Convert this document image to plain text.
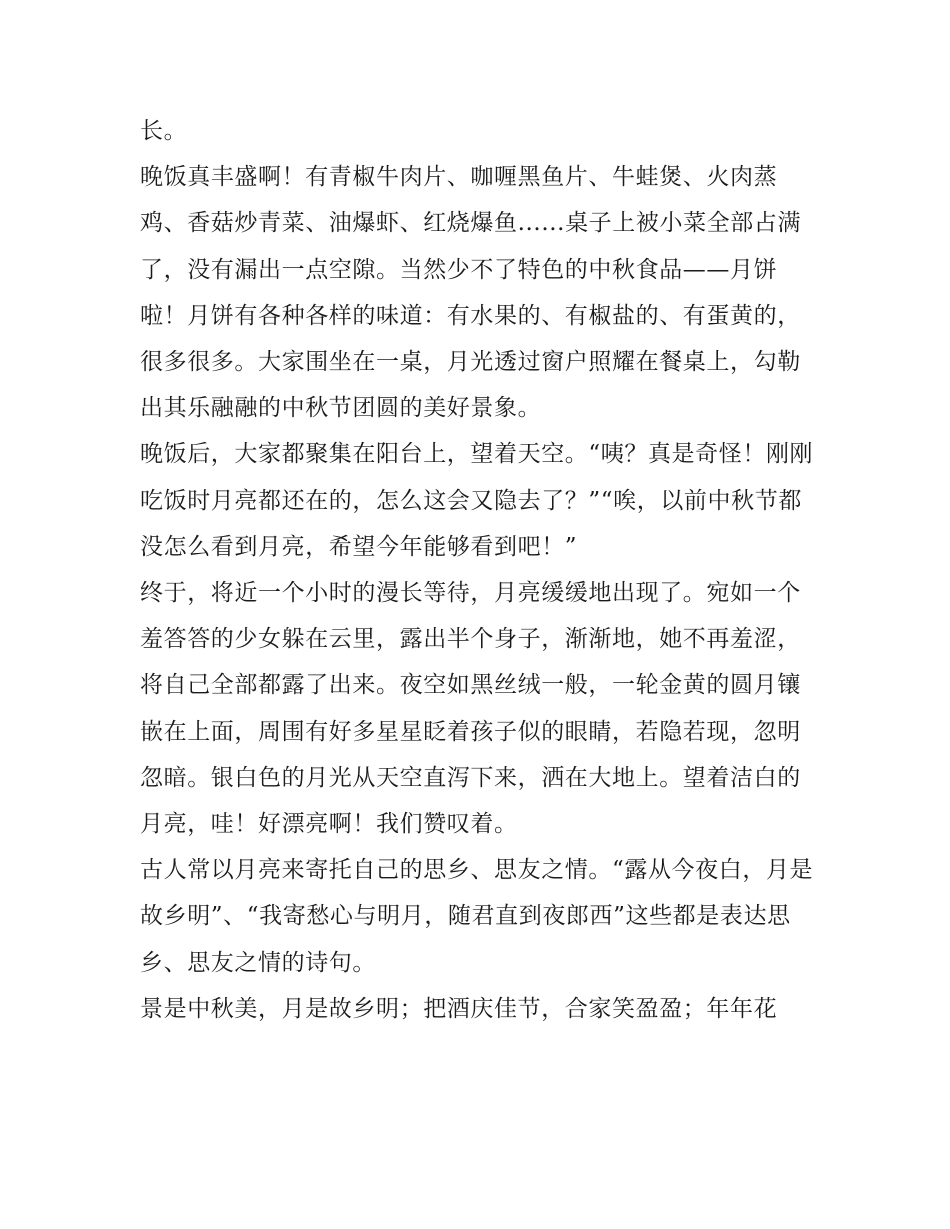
长。

晚饭真丰盛啊！有青椒牛肉片、咖喱黑鱼片、牛蛙煲、火肉蒸鸡、香菇炒青菜、油爆虾、红烧爆鱼......桌子上被小菜全部占满了，没有漏出一点空隙。当然少不了特色的中秋食品——月饼啦！月饼有各种各样的味道：有水果的、有椒盐的、有蛋黄的，很多很多。大家围坐在一桌，月光透过窗户照耀在餐桌上，勾勒出其乐融融的中秋节团圆的美好景象。

晚饭后，大家都聚集在阳台上，望着天空。“咦？真是奇怪！刚刚吃饭时月亮都还在的，怎么这会又隐去了？”“唉，以前中秋节都没怎么看到月亮，希望今年能够看到吧！”

终于，将近一个小时的漫长等待，月亮缓缓地出现了。宛如一个羞答答的少女躲在云里，露出半个身子，渐渐地，她不再羞涩，将自己全部都露了出来。夜空如黑丝绒一般，一轮金黄的圆月镶嵌在上面，周围有好多星星眨着孩子似的眼睛，若隐若现，忽明忽暗。银白色的月光从天空直泻下来，洒在大地上。望着洁白的月亮，哇！好漂亮啊！我们赞叹着。

古人常以月亮来寄托自己的思乡、思友之情。“露从今夜白，月是故乡明”、“我寄愁心与明月，随君直到夜郎西”这些都是表达思乡、思友之情的诗句。

景是中秋美，月是故乡明；把酒庆佳节，合家笑盈盈；年年花
